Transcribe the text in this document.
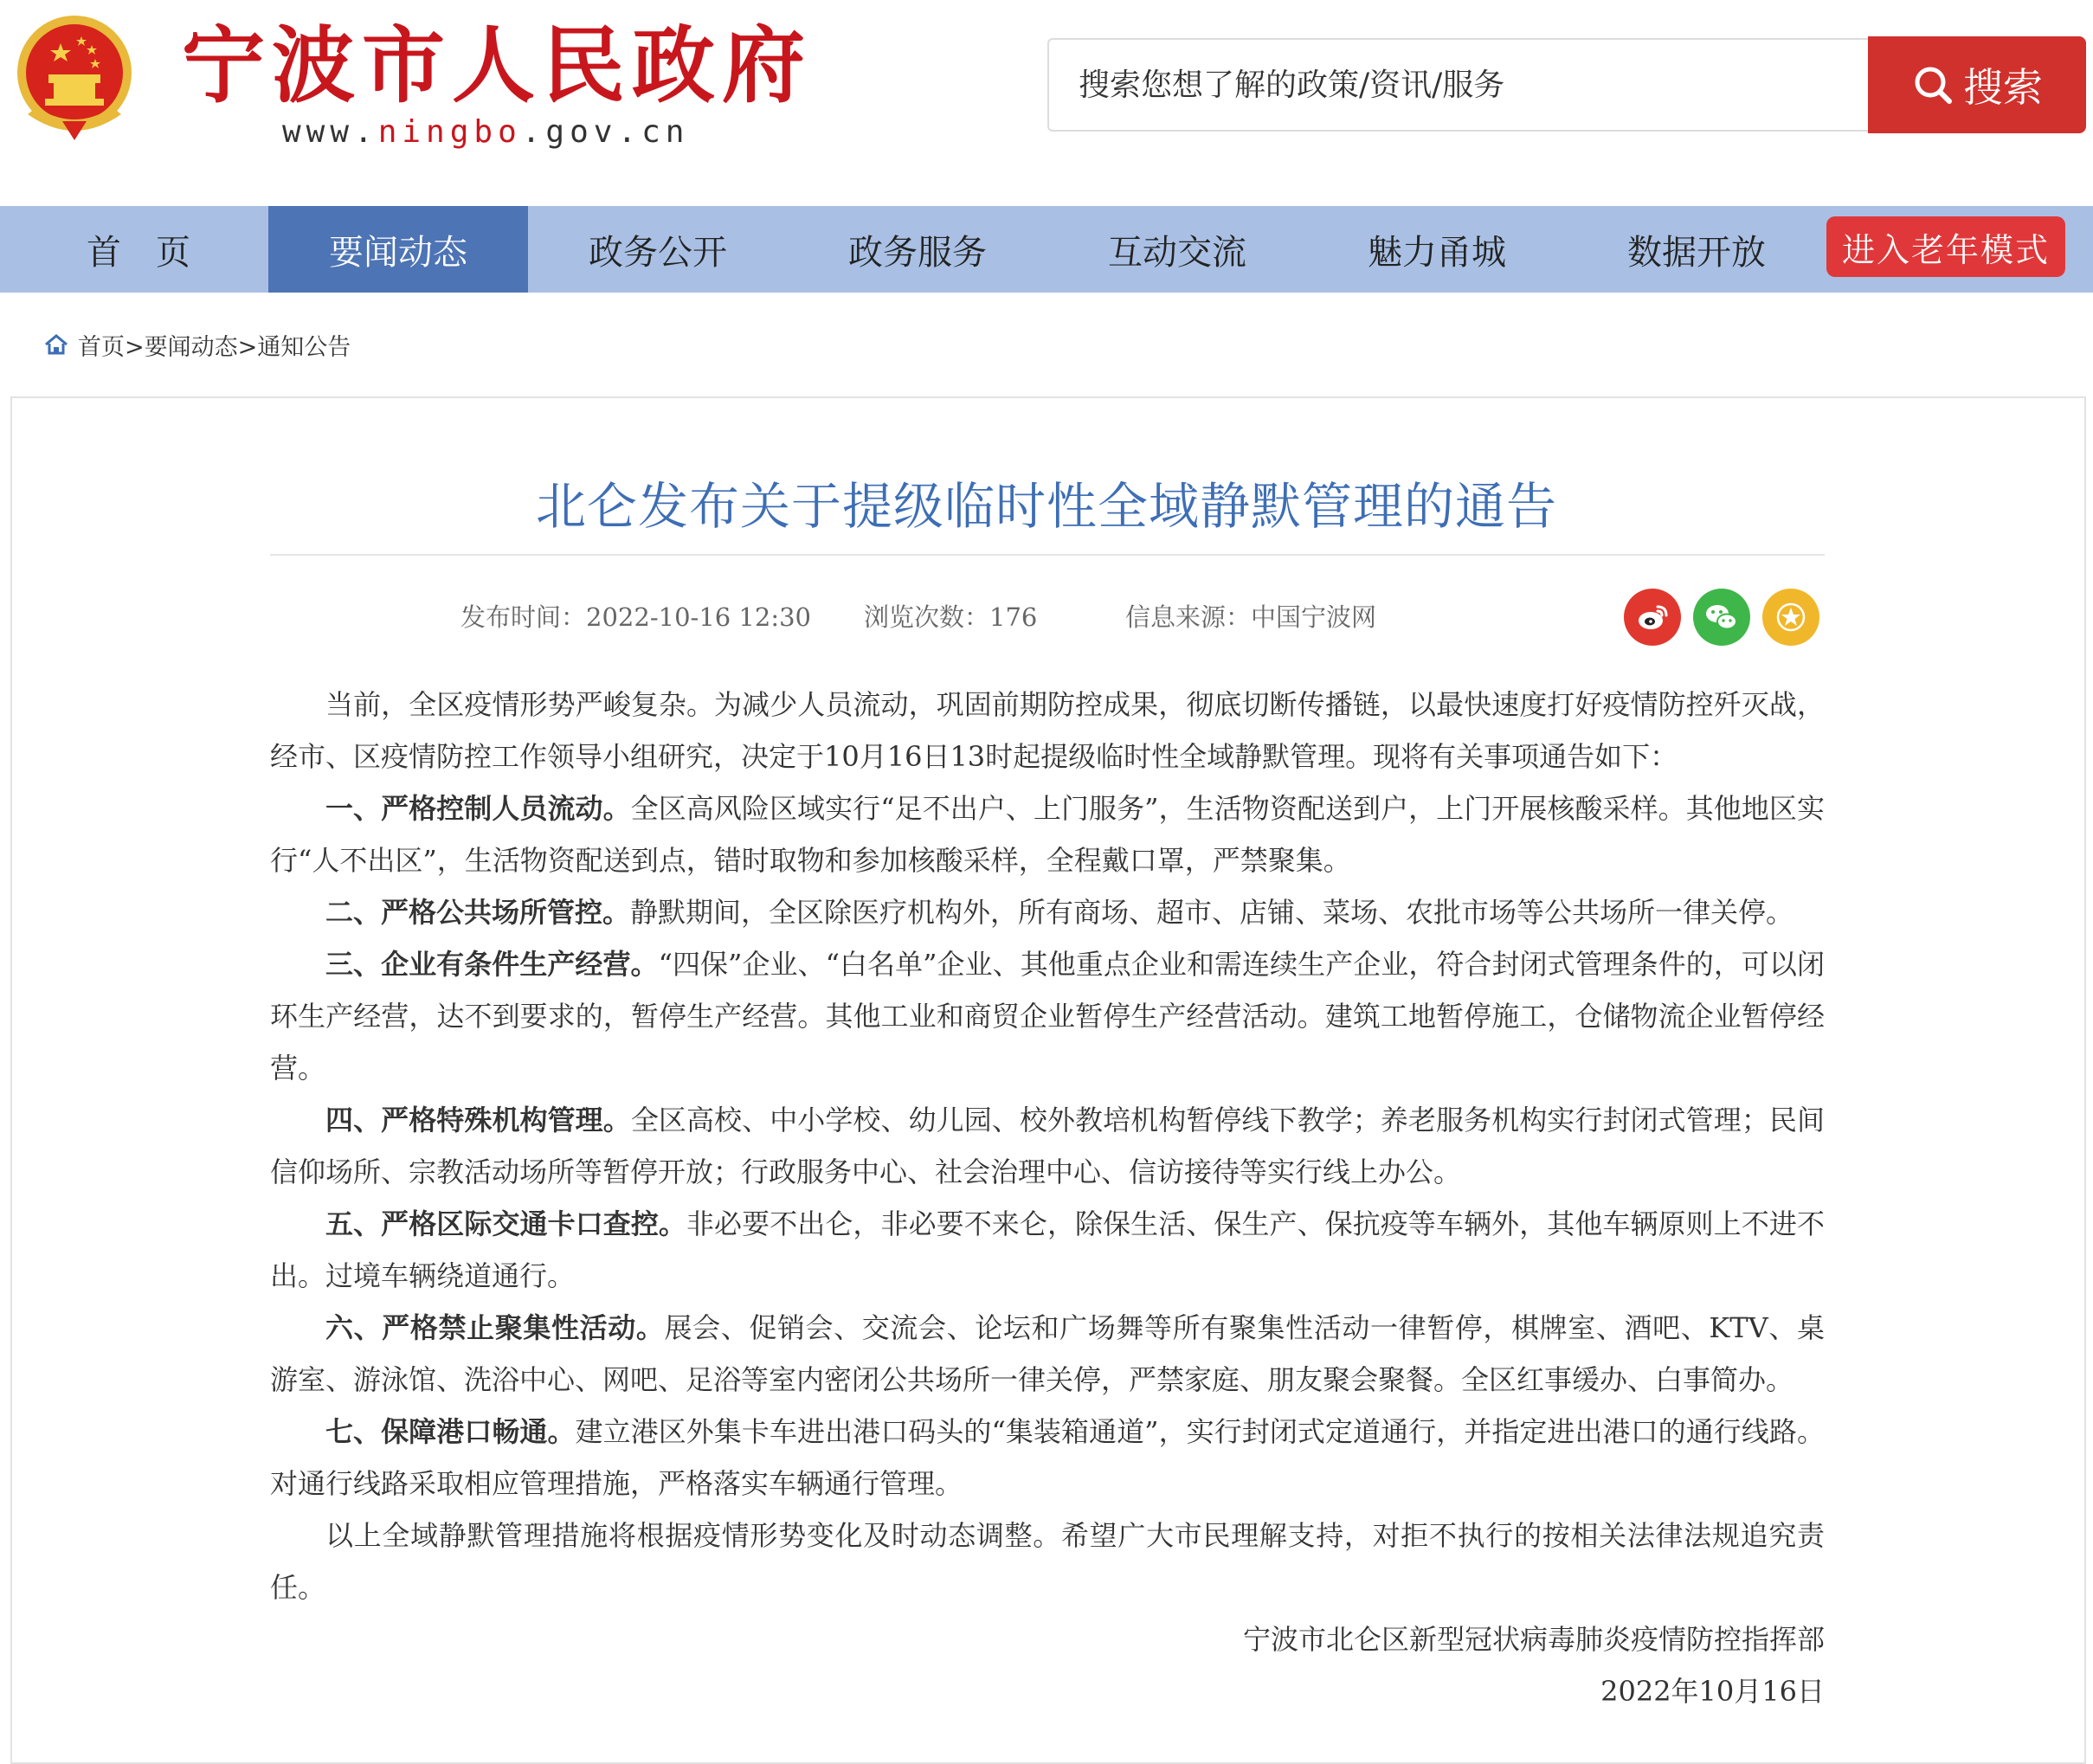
宁波市人民政府
www.ningbo.gov.cn
搜索您想了解的政策/资讯/服务
搜索
首　页	要闻动态	政务公开	政务服务	互动交流	魅力甬城	数据开放	进入老年模式
首页>要闻动态>通知公告
北仑发布关于提级临时性全域静默管理的通告
发布时间：2022-10-16 12:30 浏览次数：176	信息来源：中国宁波网

当前，全区疫情形势严峻复杂。为减少人员流动，巩固前期防控成果，彻底切断传播链，以最快速度打好疫情防控歼灭战，经市、区疫情防控工作领导小组研究，决定于10月16日13时起提级临时性全域静默管理。现将有关事项通告如下：

一、严格控制人员流动。全区高风险区域实行“足不出户、上门服务”，生活物资配送到户，上门开展核酸采样。其他地区实行“人不出区”，生活物资配送到点，错时取物和参加核酸采样，全程戴口罩，严禁聚集。

二、严格公共场所管控。静默期间，全区除医疗机构外，所有商场、超市、店铺、菜场、农批市场等公共场所一律关停。

三、企业有条件生产经营。“四保”企业、“白名单”企业、其他重点企业和需连续生产企业，符合封闭式管理条件的，可以闭环生产经营，达不到要求的，暂停生产经营。其他工业和商贸企业暂停生产经营活动。建筑工地暂停施工，仓储物流企业暂停经营。

四、严格特殊机构管理。全区高校、中小学校、幼儿园、校外教培机构暂停线下教学；养老服务机构实行封闭式管理；民间信仰场所、宗教活动场所等暂停开放；行政服务中心、社会治理中心、信访接待等实行线上办公。

五、严格区际交通卡口查控。非必要不出仑，非必要不来仑，除保生活、保生产、保抗疫等车辆外，其他车辆原则上不进不出。过境车辆绕道通行。

六、严格禁止聚集性活动。展会、促销会、交流会、论坛和广场舞等所有聚集性活动一律暂停，棋牌室、酒吧、KTV、桌游室、游泳馆、洗浴中心、网吧、足浴等室内密闭公共场所一律关停，严禁家庭、朋友聚会聚餐。全区红事缓办、白事简办。

七、保障港口畅通。建立港区外集卡车进出港口码头的“集装箱通道”，实行封闭式定道通行，并指定进出港口的通行线路。对通行线路采取相应管理措施，严格落实车辆通行管理。

以上全域静默管理措施将根据疫情形势变化及时动态调整。希望广大市民理解支持，对拒不执行的按相关法律法规追究责任。

宁波市北仑区新型冠状病毒肺炎疫情防控指挥部
2022年10月16日
